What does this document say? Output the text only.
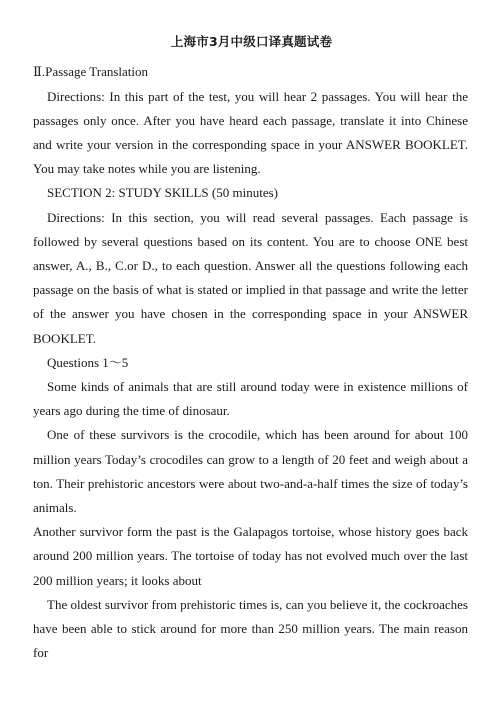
上海市3月中级口译真题试卷

Ⅱ.Passage Translation

Directions: In this part of the test, you will hear 2 passages. You will hear the passages only once. After you have heard each passage, translate it into Chinese and write your version in the corresponding space in your ANSWER BOOKLET. You may take notes while you are listening.

SECTION 2: STUDY SKILLS (50 minutes)

Directions: In this section, you will read several passages. Each passage is followed by several questions based on its content. You are to choose ONE best answer, A., B., C.or D., to each question. Answer all the questions following each passage on the basis of what is stated or implied in that passage and write the letter of the answer you have chosen in the corresponding space in your ANSWER BOOKLET.

Questions 1～5

Some kinds of animals that are still around today were in existence millions of years ago during the time of dinosaur.

One of these survivors is the crocodile, which has been around for about 100 million years Today’s crocodiles can grow to a length of 20 feet and weigh about a ton. Their prehistoric ancestors were about two-and-a-half times the size of today’s animals.

Another survivor form the past is the Galapagos tortoise, whose history goes back around 200 million years. The tortoise of today has not evolved much over the last 200 million years; it looks about

The oldest survivor from prehistoric times is, can you believe it, the cockroaches have been able to stick around for more than 250 million years. The main reason for
